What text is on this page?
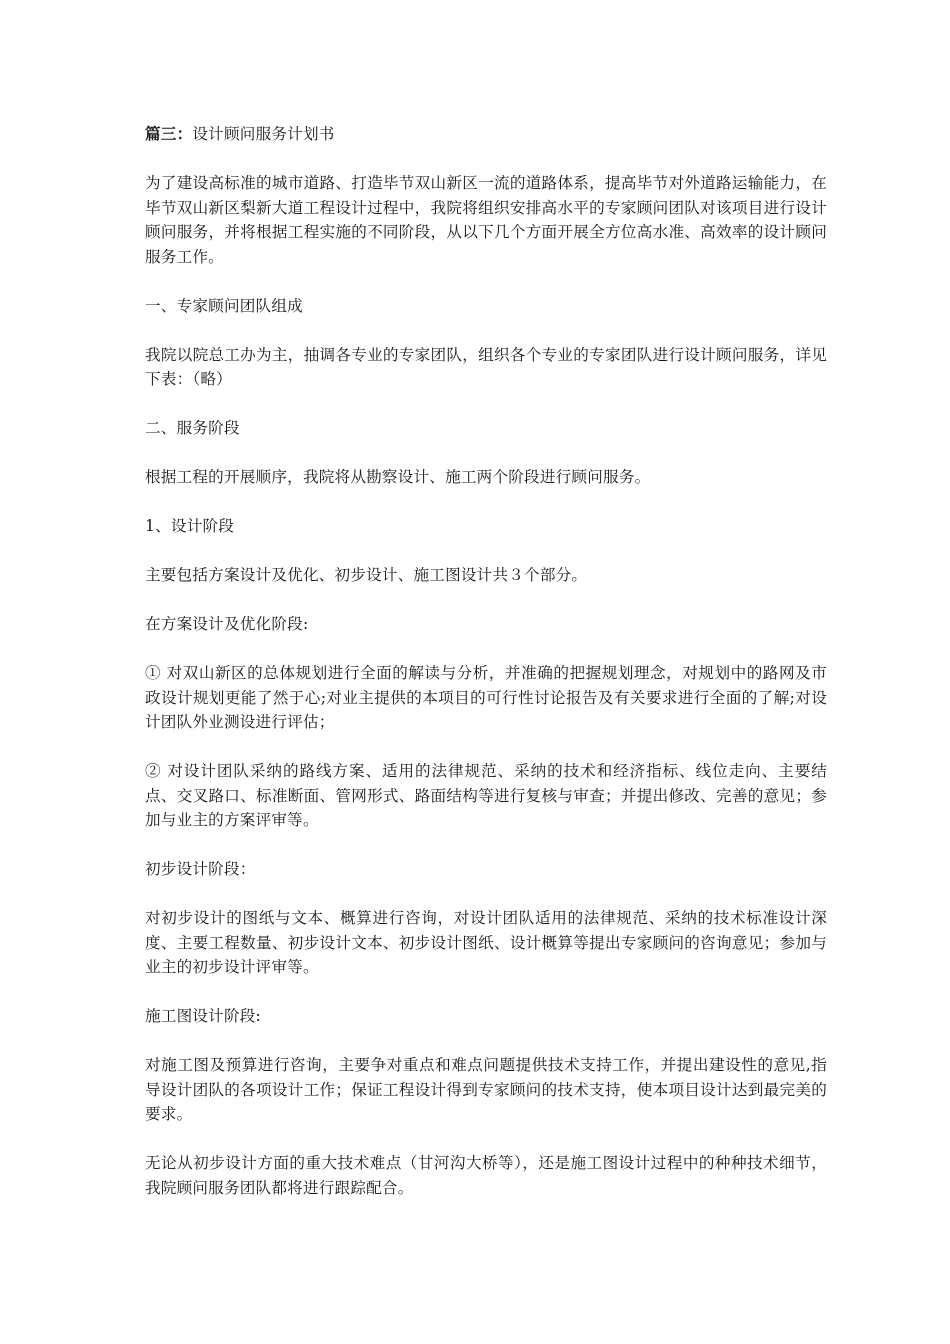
篇三：设计顾问服务计划书

为了建设高标准的城市道路、打造毕节双山新区一流的道路体系，提高毕节对外道路运输能力，在毕节双山新区梨新大道工程设计过程中，我院将组织安排高水平的专家顾问团队对该项目进行设计顾问服务，并将根据工程实施的不同阶段，从以下几个方面开展全方位高水准、高效率的设计顾问服务工作。

一、专家顾问团队组成

我院以院总工办为主，抽调各专业的专家团队，组织各个专业的专家团队进行设计顾问服务，详见下表：（略）

二、服务阶段

根据工程的开展顺序，我院将从勘察设计、施工两个阶段进行顾问服务。

1、设计阶段

主要包括方案设计及优化、初步设计、施工图设计共３个部分。

在方案设计及优化阶段:

① 对双山新区的总体规划进行全面的解读与分析，并准确的把握规划理念，对规划中的路网及市政设计规划更能了然于心;对业主提供的本项目的可行性讨论报告及有关要求进行全面的了解;对设计团队外业测设进行评估；

② 对设计团队采纳的路线方案、适用的法律规范、采纳的技术和经济指标、线位走向、主要结点、交叉路口、标准断面、管网形式、路面结构等进行复核与审查；并提出修改、完善的意见；参加与业主的方案评审等。

初步设计阶段：

对初步设计的图纸与文本、概算进行咨询，对设计团队适用的法律规范、采纳的技术标准设计深度、主要工程数量、初步设计文本、初步设计图纸、设计概算等提出专家顾问的咨询意见；参加与业主的初步设计评审等。

施工图设计阶段:

对施工图及预算进行咨询，主要争对重点和难点问题提供技术支持工作，并提出建设性的意见,指导设计团队的各项设计工作；保证工程设计得到专家顾问的技术支持，使本项目设计达到最完美的要求。

无论从初步设计方面的重大技术难点（甘河沟大桥等），还是施工图设计过程中的种种技术细节，我院顾问服务团队都将进行跟踪配合。
